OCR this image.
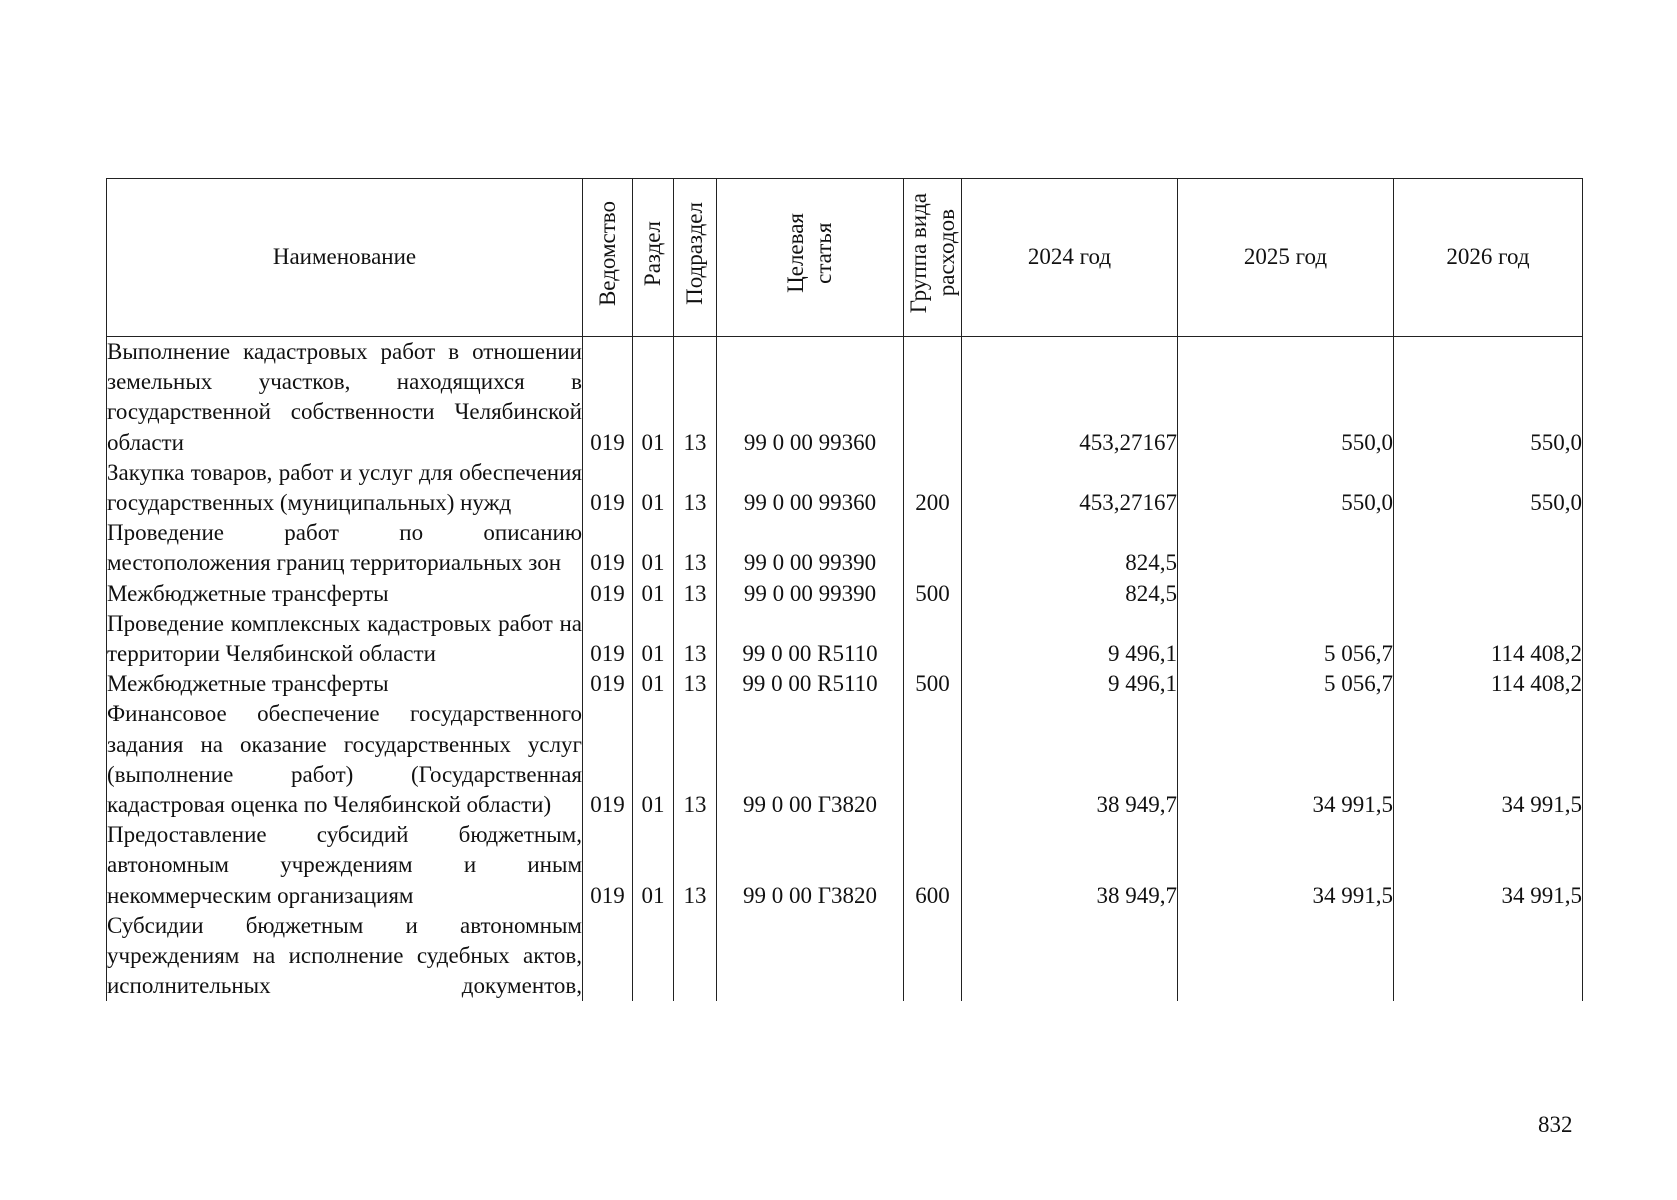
Наименование	Ведомство	Раздел	Подраздел	Целевая статья	Группа вида расходов	2024 год	2025 год	2026 год
Выполнение кадастровых работ в отношении земельных участков, находящихся в государственной собственности Челябинской области	019	01	13	99 0 00 99360		453,27167	550,0	550,0
Закупка товаров, работ и услуг для обеспечения государственных (муниципальных) нужд	019	01	13	99 0 00 99360	200	453,27167	550,0	550,0
Проведение работ по описанию местоположения границ территориальных зон	019	01	13	99 0 00 99390		824,5		
Межбюджетные трансферты	019	01	13	99 0 00 99390	500	824,5		
Проведение комплексных кадастровых работ на территории Челябинской области	019	01	13	99 0 00 R5110		9 496,1	5 056,7	114 408,2
Межбюджетные трансферты	019	01	13	99 0 00 R5110	500	9 496,1	5 056,7	114 408,2
Финансовое обеспечение государственного задания на оказание государственных услуг (выполнение работ) (Государственная кадастровая оценка по Челябинской области)	019	01	13	99 0 00 Г3820		38 949,7	34 991,5	34 991,5
Предоставление субсидий бюджетным, автономным учреждениям и иным некоммерческим организациям	019	01	13	99 0 00 Г3820	600	38 949,7	34 991,5	34 991,5
Субсидии бюджетным и автономным учреждениям на исполнение судебных актов, исполнительных документов,								
832
